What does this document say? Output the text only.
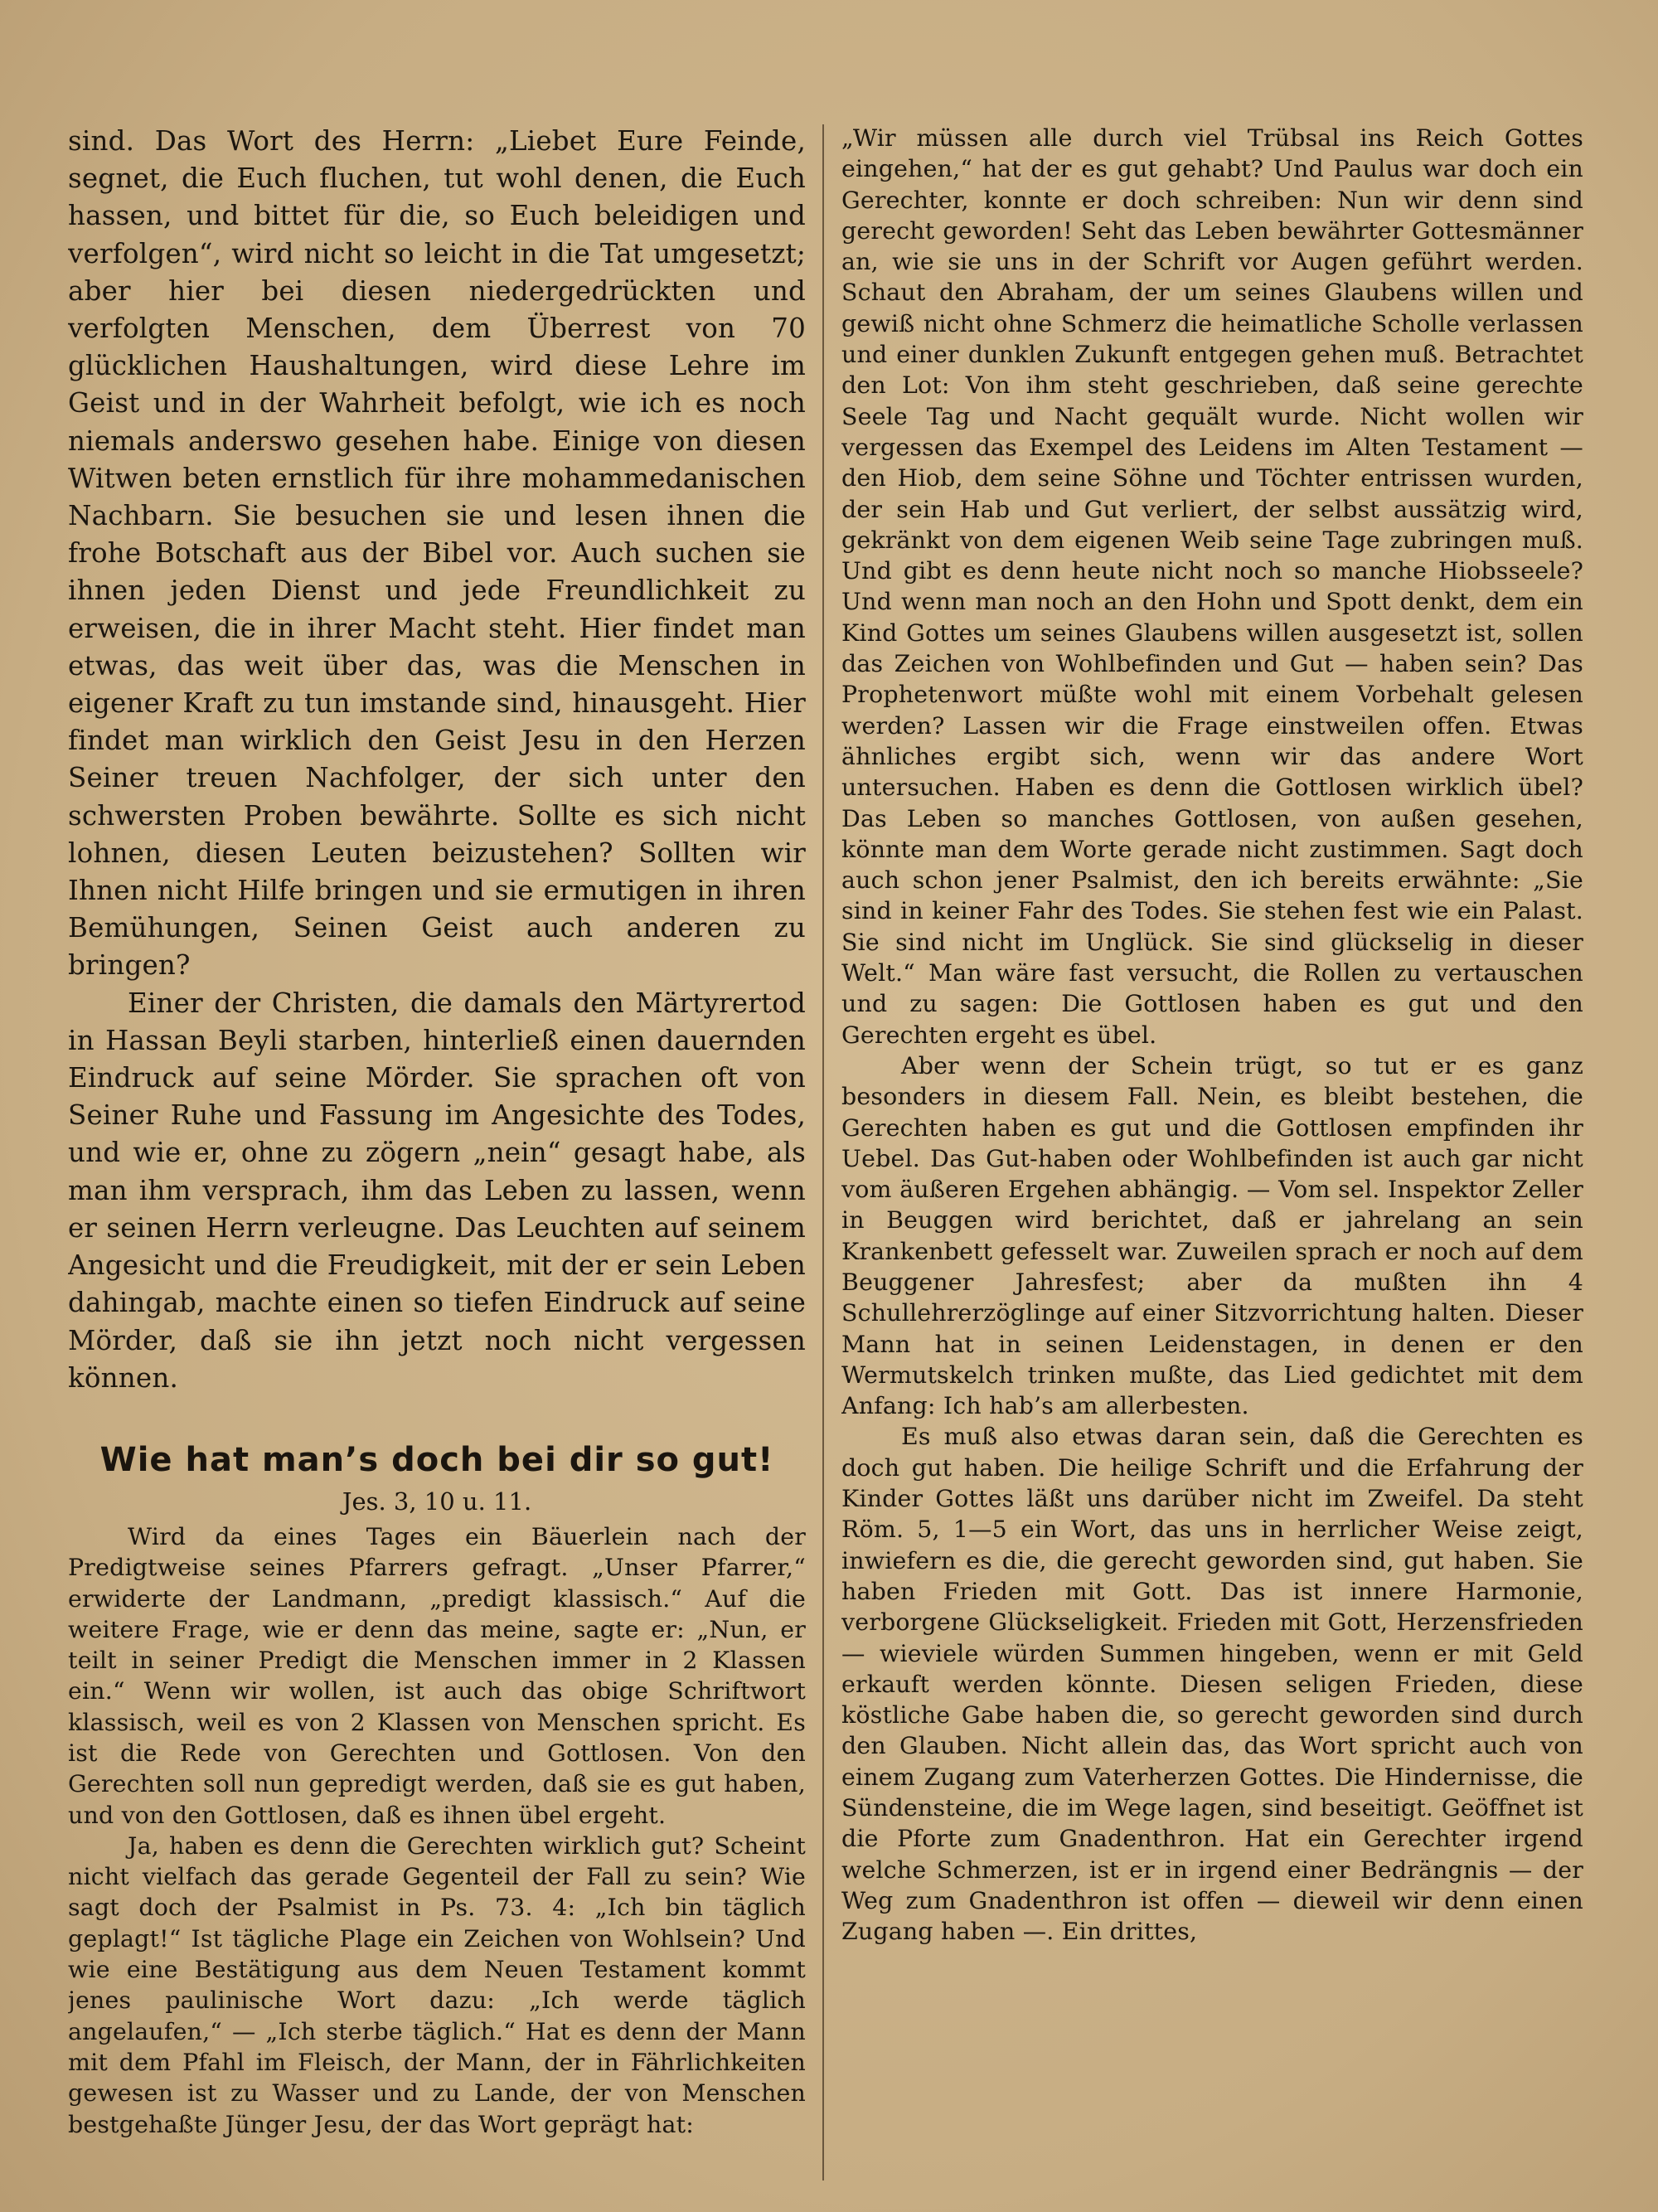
sind. Das Wort des Herrn: „Liebet Eure Feinde, segnet, die Euch fluchen, tut wohl denen, die Euch hassen, und bittet für die, so Euch beleidigen und verfolgen“, wird nicht so leicht in die Tat umgesetzt; aber hier bei diesen niedergedrückten und verfolgten Menschen, dem Überrest von 70 glücklichen Haushaltungen, wird diese Lehre im Geist und in der Wahrheit befolgt, wie ich es noch niemals anderswo gesehen habe. Einige von diesen Witwen beten ernstlich für ihre mohammedanischen Nachbarn. Sie besuchen sie und lesen ihnen die frohe Botschaft aus der Bibel vor. Auch suchen sie ihnen jeden Dienst und jede Freundlichkeit zu erweisen, die in ihrer Macht steht. Hier findet man etwas, das weit über das, was die Menschen in eigener Kraft zu tun imstande sind, hinausgeht. Hier findet man wirklich den Geist Jesu in den Herzen Seiner treuen Nachfolger, der sich unter den schwersten Proben bewährte. Sollte es sich nicht lohnen, diesen Leuten beizustehen? Sollten wir Ihnen nicht Hilfe bringen und sie ermutigen in ihren Bemühungen, Seinen Geist auch anderen zu bringen?

Einer der Christen, die damals den Märtyrertod in Hassan Beyli starben, hinterließ einen dauernden Eindruck auf seine Mörder. Sie sprachen oft von Seiner Ruhe und Fassung im Angesichte des Todes, und wie er, ohne zu zögern „nein“ gesagt habe, als man ihm versprach, ihm das Leben zu lassen, wenn er seinen Herrn verleugne. Das Leuchten auf seinem Angesicht und die Freudigkeit, mit der er sein Leben dahingab, machte einen so tiefen Eindruck auf seine Mörder, daß sie ihn jetzt noch nicht vergessen können.

Wie hat man’s doch bei dir so gut!
Jes. 3, 10 u. 11.

Wird da eines Tages ein Bäuerlein nach der Predigtweise seines Pfarrers gefragt. „Unser Pfarrer,“ erwiderte der Landmann, „predigt klassisch.“ Auf die weitere Frage, wie er denn das meine, sagte er: „Nun, er teilt in seiner Predigt die Menschen immer in 2 Klassen ein.“ Wenn wir wollen, ist auch das obige Schriftwort klassisch, weil es von 2 Klassen von Menschen spricht. Es ist die Rede von Gerechten und Gottlosen. Von den Gerechten soll nun gepredigt werden, daß sie es gut haben, und von den Gottlosen, daß es ihnen übel ergeht.

Ja, haben es denn die Gerechten wirklich gut? Scheint nicht vielfach das gerade Gegenteil der Fall zu sein? Wie sagt doch der Psalmist in Ps. 73. 4: „Ich bin täglich geplagt!“ Ist tägliche Plage ein Zeichen von Wohlsein? Und wie eine Bestätigung aus dem Neuen Testament kommt jenes paulinische Wort dazu: „Ich werde täglich angelaufen,“ — „Ich sterbe täglich.“ Hat es denn der Mann mit dem Pfahl im Fleisch, der Mann, der in Fährlichkeiten gewesen ist zu Wasser und zu Lande, der von Menschen bestgehaßte Jünger Jesu, der das Wort geprägt hat:

„Wir müssen alle durch viel Trübsal ins Reich Gottes eingehen,“ hat der es gut gehabt? Und Paulus war doch ein Gerechter, konnte er doch schreiben: Nun wir denn sind gerecht geworden! Seht das Leben bewährter Gottesmänner an, wie sie uns in der Schrift vor Augen geführt werden. Schaut den Abraham, der um seines Glaubens willen und gewiß nicht ohne Schmerz die heimatliche Scholle verlassen und einer dunklen Zukunft entgegen gehen muß. Betrachtet den Lot: Von ihm steht geschrieben, daß seine gerechte Seele Tag und Nacht gequält wurde. Nicht wollen wir vergessen das Exempel des Leidens im Alten Testament — den Hiob, dem seine Söhne und Töchter entrissen wurden, der sein Hab und Gut verliert, der selbst aussätzig wird, gekränkt von dem eigenen Weib seine Tage zubringen muß. Und gibt es denn heute nicht noch so manche Hiobsseele? Und wenn man noch an den Hohn und Spott denkt, dem ein Kind Gottes um seines Glaubens willen ausgesetzt ist, sollen das Zeichen von Wohlbefinden und Gut — haben sein? Das Prophetenwort müßte wohl mit einem Vorbehalt gelesen werden? Lassen wir die Frage einstweilen offen. Etwas ähnliches ergibt sich, wenn wir das andere Wort untersuchen. Haben es denn die Gottlosen wirklich übel? Das Leben so manches Gottlosen, von außen gesehen, könnte man dem Worte gerade nicht zustimmen. Sagt doch auch schon jener Psalmist, den ich bereits erwähnte: „Sie sind in keiner Fahr des Todes. Sie stehen fest wie ein Palast. Sie sind nicht im Unglück. Sie sind glückselig in dieser Welt.“ Man wäre fast versucht, die Rollen zu vertauschen und zu sagen: Die Gottlosen haben es gut und den Gerechten ergeht es übel.

Aber wenn der Schein trügt, so tut er es ganz besonders in diesem Fall. Nein, es bleibt bestehen, die Gerechten haben es gut und die Gottlosen empfinden ihr Uebel. Das Gut-haben oder Wohlbefinden ist auch gar nicht vom äußeren Ergehen abhängig. — Vom sel. Inspektor Zeller in Beuggen wird berichtet, daß er jahrelang an sein Krankenbett gefesselt war. Zuweilen sprach er noch auf dem Beuggener Jahresfest; aber da mußten ihn 4 Schullehrerzöglinge auf einer Sitzvorrichtung halten. Dieser Mann hat in seinen Leidenstagen, in denen er den Wermutskelch trinken mußte, das Lied gedichtet mit dem Anfang: Ich hab’s am allerbesten.

Es muß also etwas daran sein, daß die Gerechten es doch gut haben. Die heilige Schrift und die Erfahrung der Kinder Gottes läßt uns darüber nicht im Zweifel. Da steht Röm. 5, 1—5 ein Wort, das uns in herrlicher Weise zeigt, inwiefern es die, die gerecht geworden sind, gut haben. Sie haben Frieden mit Gott. Das ist innere Harmonie, verborgene Glückseligkeit. Frieden mit Gott, Herzensfrieden — wieviele würden Summen hingeben, wenn er mit Geld erkauft werden könnte. Diesen seligen Frieden, diese köstliche Gabe haben die, so gerecht geworden sind durch den Glauben. Nicht allein das, das Wort spricht auch von einem Zugang zum Vaterherzen Gottes. Die Hindernisse, die Sündensteine, die im Wege lagen, sind beseitigt. Geöffnet ist die Pforte zum Gnadenthron. Hat ein Gerechter irgend welche Schmerzen, ist er in irgend einer Bedrängnis — der Weg zum Gnadenthron ist offen — dieweil wir denn einen Zugang haben —. Ein drittes,
